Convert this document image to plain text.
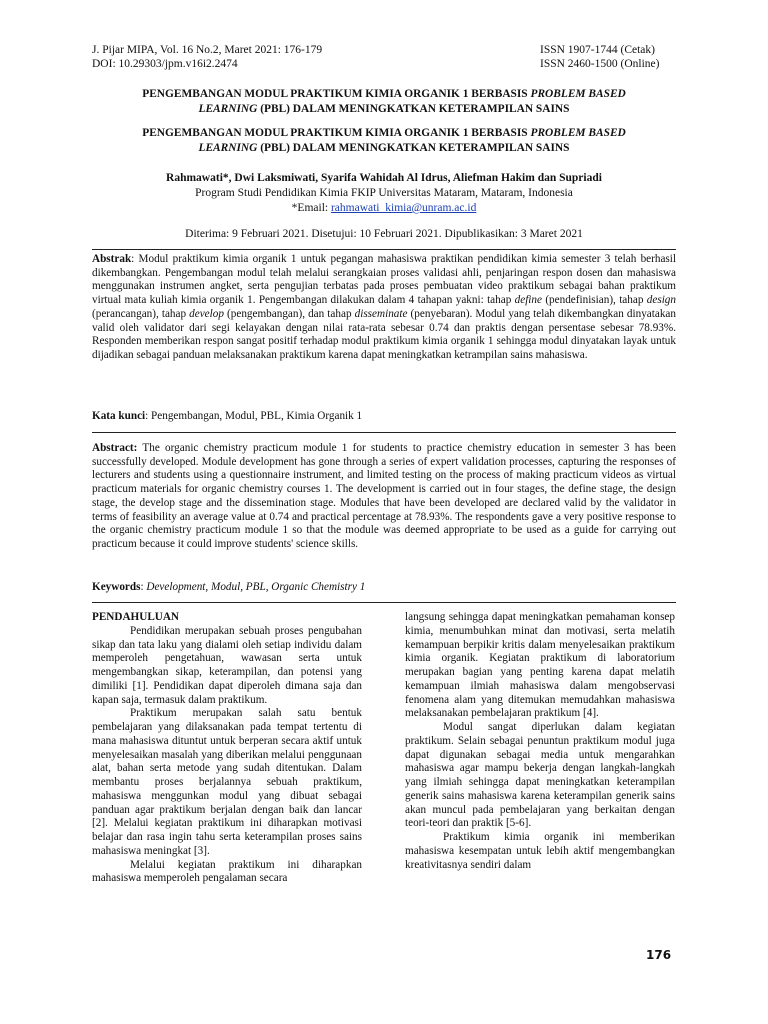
J. Pijar MIPA, Vol. 16 No.2, Maret 2021: 176-179
DOI: 10.29303/jpm.v16i2.2474
ISSN 1907-1744 (Cetak)
ISSN 2460-1500 (Online)
PENGEMBANGAN MODUL PRAKTIKUM KIMIA ORGANIK 1 BERBASIS PROBLEM BASED
LEARNING (PBL) DALAM MENINGKATKAN KETERAMPILAN SAINS
PENGEMBANGAN MODUL PRAKTIKUM KIMIA ORGANIK 1 BERBASIS PROBLEM BASED
LEARNING (PBL) DALAM MENINGKATKAN KETERAMPILAN SAINS
Rahmawati*, Dwi Laksmiwati, Syarifa Wahidah Al Idrus, Aliefman Hakim dan Supriadi
Program Studi Pendidikan Kimia FKIP Universitas Mataram, Mataram, Indonesia
*Email: rahmawati_kimia@unram.ac.id
Diterima: 9 Februari 2021. Disetujui: 10 Februari 2021. Dipublikasikan: 3 Maret 2021
Abstrak: Modul praktikum kimia organik 1 untuk pegangan mahasiswa praktikan pendidikan kimia semester 3 telah berhasil dikembangkan. Pengembangan modul telah melalui serangkaian proses validasi ahli, penjaringan respon dosen dan mahasiswa menggunakan instrumen angket, serta pengujian terbatas pada proses pembuatan video praktikum sebagai bahan praktikum virtual mata kuliah kimia organik 1. Pengembangan dilakukan dalam 4 tahapan yakni: tahap define (pendefinisian), tahap design (perancangan), tahap develop (pengembangan), dan tahap disseminate (penyebaran). Modul yang telah dikembangkan dinyatakan valid oleh validator dari segi kelayakan dengan nilai rata-rata sebesar 0.74 dan praktis dengan persentase sebesar 78.93%. Responden memberikan respon sangat positif terhadap modul praktikum kimia organik 1 sehingga modul dinyatakan layak untuk dijadikan sebagai panduan melaksanakan praktikum karena dapat meningkatkan ketrampilan sains mahasiswa.
Kata kunci: Pengembangan, Modul, PBL, Kimia Organik 1
Abstract: The organic chemistry practicum module 1 for students to practice chemistry education in semester 3 has been successfully developed. Module development has gone through a series of expert validation processes, capturing the responses of lecturers and students using a questionnaire instrument, and limited testing on the process of making practicum videos as virtual practicum materials for organic chemistry courses 1. The development is carried out in four stages, the define stage, the design stage, the develop stage and the dissemination stage. Modules that have been developed are declared valid by the validator in terms of feasibility an average value at 0.74 and practical percentage at 78.93%. The respondents gave a very positive response to the organic chemistry practicum module 1 so that the module was deemed appropriate to be used as a guide for carrying out practicum because it could improve students' science skills.
Keywords: Development, Modul, PBL, Organic Chemistry 1
PENDAHULUAN

Pendidikan merupakan sebuah proses pengubahan sikap dan tata laku yang dialami oleh setiap individu dalam memperoleh pengetahuan, wawasan serta untuk mengembangkan sikap, keterampilan, dan potensi yang dimiliki [1]. Pendidikan dapat diperoleh dimana saja dan kapan saja, termasuk dalam praktikum.

Praktikum merupakan salah satu bentuk pembelajaran yang dilaksanakan pada tempat tertentu di mana mahasiswa dituntut untuk berperan secara aktif untuk menyelesaikan masalah yang diberikan melalui penggunaan alat, bahan serta metode yang sudah ditentukan. Dalam membantu proses berjalannya sebuah praktikum, mahasiswa menggunkan modul yang dibuat sebagai panduan agar praktikum berjalan dengan baik dan lancar [2]. Melalui kegiatan praktikum ini diharapkan motivasi belajar dan rasa ingin tahu serta keterampilan proses sains mahasiswa meningkat [3].

Melalui kegiatan praktikum ini diharapkan mahasiswa memperoleh pengalaman secara

langsung sehingga dapat meningkatkan pemahaman konsep kimia, menumbuhkan minat dan motivasi, serta melatih kemampuan berpikir kritis dalam menyelesaikan praktikum kimia organik. Kegiatan praktikum di laboratorium merupakan bagian yang penting karena dapat melatih kemampuan ilmiah mahasiswa dalam mengobservasi fenomena alam yang ditemukan memudahkan mahasiswa melaksanakan pembelajaran praktikum [4].

Modul sangat diperlukan dalam kegiatan praktikum. Selain sebagai penuntun praktikum modul juga dapat digunakan sebagai media untuk mengarahkan mahasiswa agar mampu bekerja dengan langkah-langkah yang ilmiah sehingga dapat meningkatkan keterampilan generik sains mahasiswa karena keterampilan generik sains akan muncul pada pembelajaran yang berkaitan dengan teori-teori dan praktik [5-6].

Praktikum kimia organik ini memberikan mahasiswa kesempatan untuk lebih aktif mengembangkan kreativitasnya sendiri dalam

176
